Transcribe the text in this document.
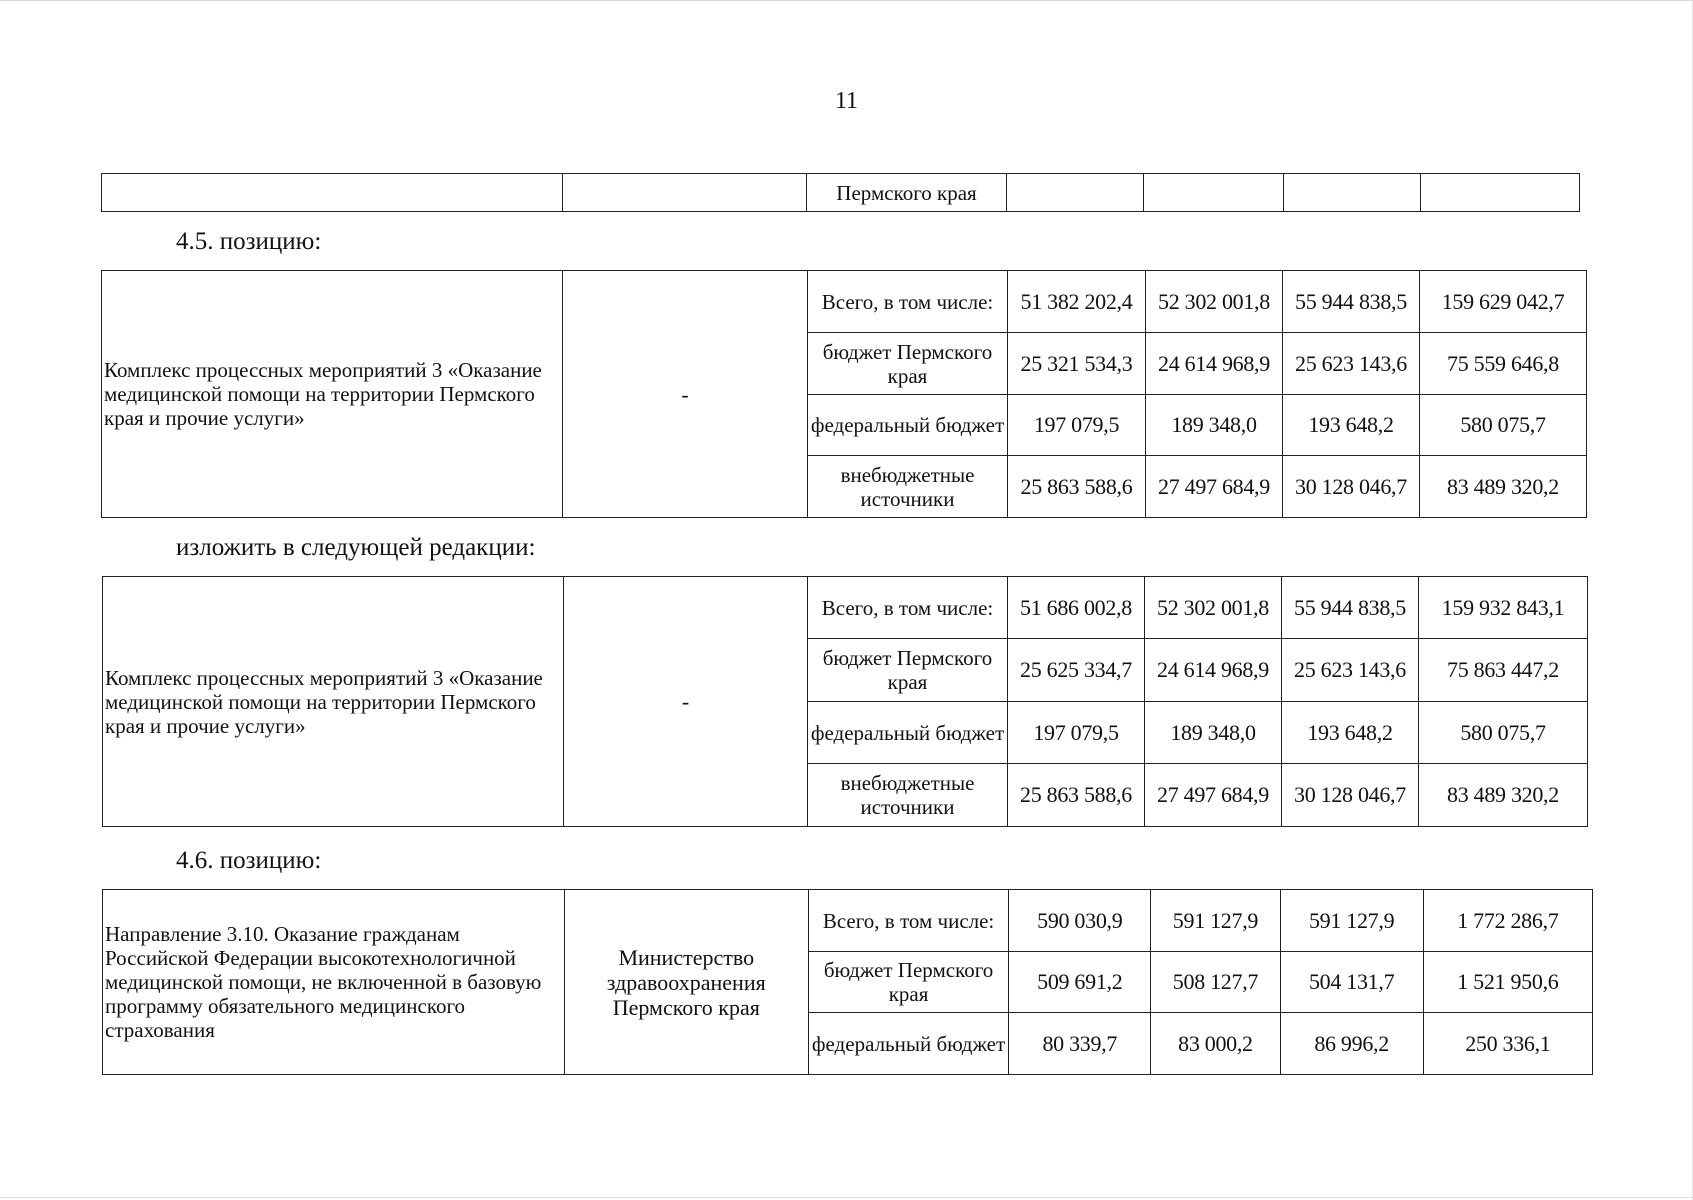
11
		Пермского края				
4.5. позицию:
Комплекс процессных мероприятий 3 «Оказание медицинской помощи на территории Пермского края и прочие услуги»	-	Всего, в том числе:	51 382 202,4	52 302 001,8	55 944 838,5	159 629 042,7
		бюджет Пермского края	25 321 534,3	24 614 968,9	25 623 143,6	75 559 646,8
		федеральный бюджет	197 079,5	189 348,0	193 648,2	580 075,7
		внебюджетные источники	25 863 588,6	27 497 684,9	30 128 046,7	83 489 320,2
изложить в следующей редакции:
Комплекс процессных мероприятий 3 «Оказание медицинской помощи на территории Пермского края и прочие услуги»	-	Всего, в том числе:	51 686 002,8	52 302 001,8	55 944 838,5	159 932 843,1
		бюджет Пермского края	25 625 334,7	24 614 968,9	25 623 143,6	75 863 447,2
		федеральный бюджет	197 079,5	189 348,0	193 648,2	580 075,7
		внебюджетные источники	25 863 588,6	27 497 684,9	30 128 046,7	83 489 320,2
4.6. позицию:
Направление 3.10. Оказание гражданам Российской Федерации высокотехнологичной медицинской помощи, не включенной в базовую программу обязательного медицинского страхования	Министерство здравоохранения Пермского края	Всего, в том числе:	590 030,9	591 127,9	591 127,9	1 772 286,7
		бюджет Пермского края	509 691,2	508 127,7	504 131,7	1 521 950,6
		федеральный бюджет	80 339,7	83 000,2	86 996,2	250 336,1
